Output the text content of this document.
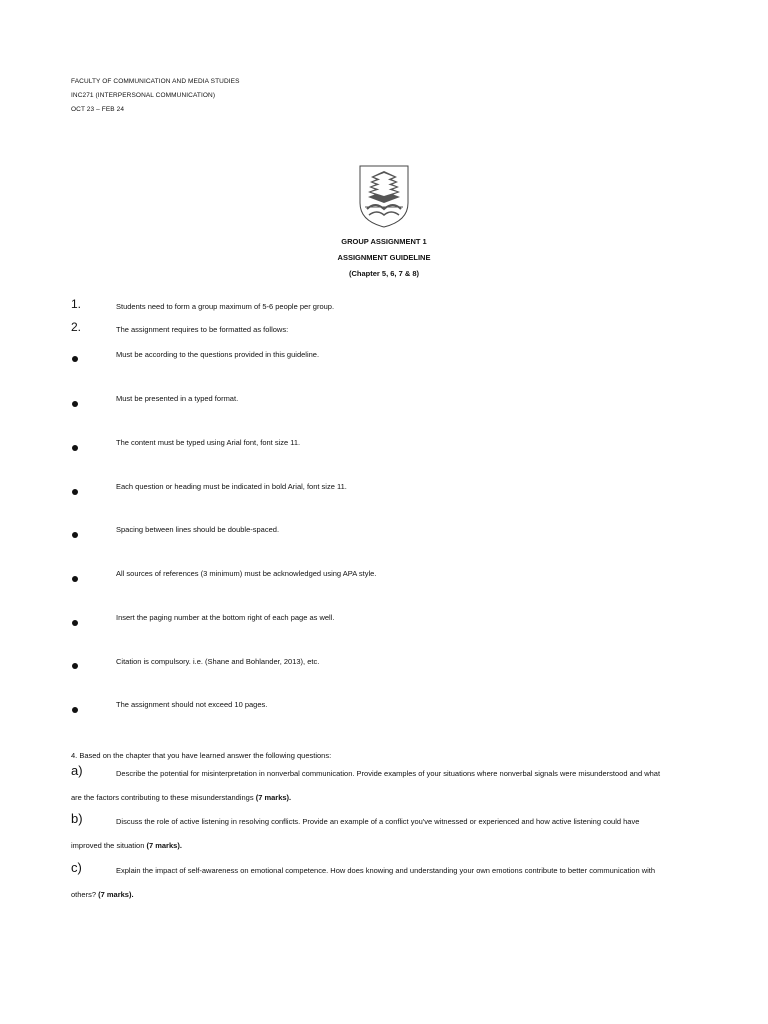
FACULTY OF COMMUNICATION AND MEDIA STUDIES
INC271 (INTERPERSONAL COMMUNICATION)
OCT 23 – FEB 24
GROUP ASSIGNMENT 1
ASSIGNMENT GUIDELINE
(Chapter 5, 6, 7 & 8)
1.	Students need to form a group maximum of 5-6 people per group.
2.	The assignment requires to be formatted as follows:
Must be according to the questions provided in this guideline.
Must be presented in a typed format.
The content must be typed using Arial font, font size 11.
Each question or heading must be indicated in bold Arial, font size 11.
Spacing between lines should be double-spaced.
All sources of references (3 minimum) must be acknowledged using APA style.
Insert the paging number at the bottom right of each page as well.
Citation is compulsory. i.e. (Shane and Bohlander, 2013), etc.
The assignment should not exceed 10 pages.
4. Based on the chapter that you have learned answer the following questions:
a)	Describe the potential for misinterpretation in nonverbal communication. Provide examples of your situations where nonverbal signals were misunderstood and what
are the factors contributing to these misunderstandings (7 marks).
b)	Discuss the role of active listening in resolving conflicts. Provide an example of a conflict you've witnessed or experienced and how active listening could have
improved the situation (7 marks).
c)	Explain the impact of self-awareness on emotional competence. How does knowing and understanding your own emotions contribute to better communication with
others? (7 marks).
